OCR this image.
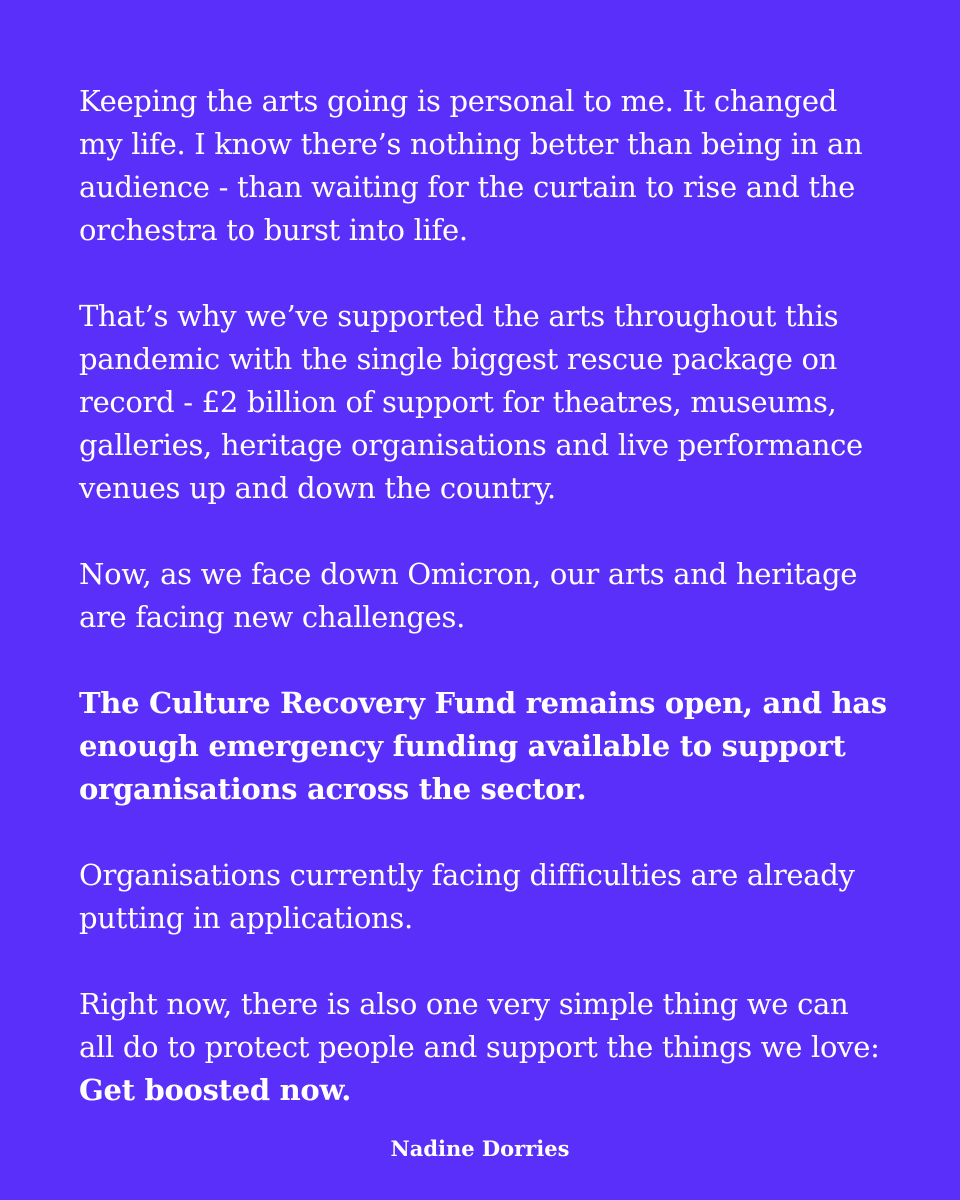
Keeping the arts going is personal to me. It changed
my life. I know there’s nothing better than being in an
audience - than waiting for the curtain to rise and the
orchestra to burst into life.

That’s why we’ve supported the arts throughout this
pandemic with the single biggest rescue package on
record - £2 billion of support for theatres, museums,
galleries, heritage organisations and live performance
venues up and down the country.

Now, as we face down Omicron, our arts and heritage
are facing new challenges.

The Culture Recovery Fund remains open, and has
enough emergency funding available to support
organisations across the sector.

Organisations currently facing difficulties are already
putting in applications.

Right now, there is also one very simple thing we can
all do to protect people and support the things we love:
Get boosted now.

Nadine Dorries
